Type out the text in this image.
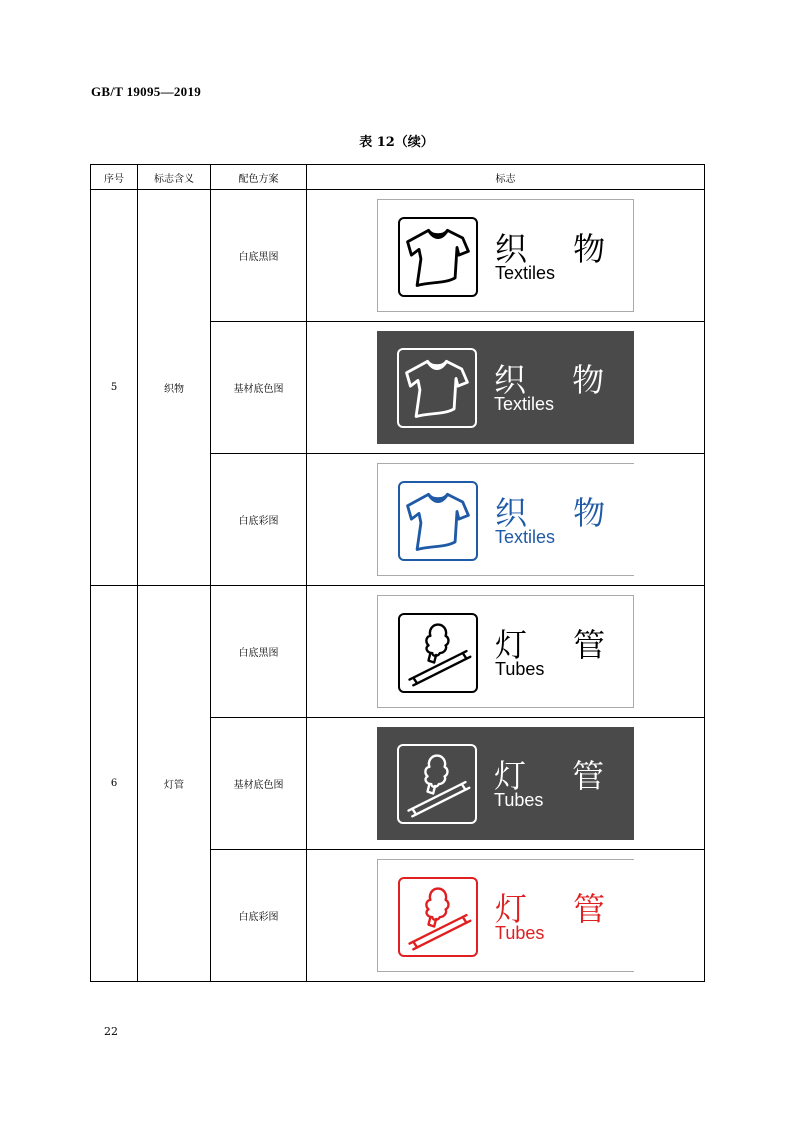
GB/T 19095—2019
表 12（续）
序号	标志含义	配色方案	标志
5	织物	白底黑图	织 物
Textiles

		基材底色图	织 物
Textiles

		白底彩图	织 物
Textiles

6	灯管	白底黑图	灯 管
Tubes

		基材底色图	灯 管
Tubes

		白底彩图	灯 管
Tubes
22
